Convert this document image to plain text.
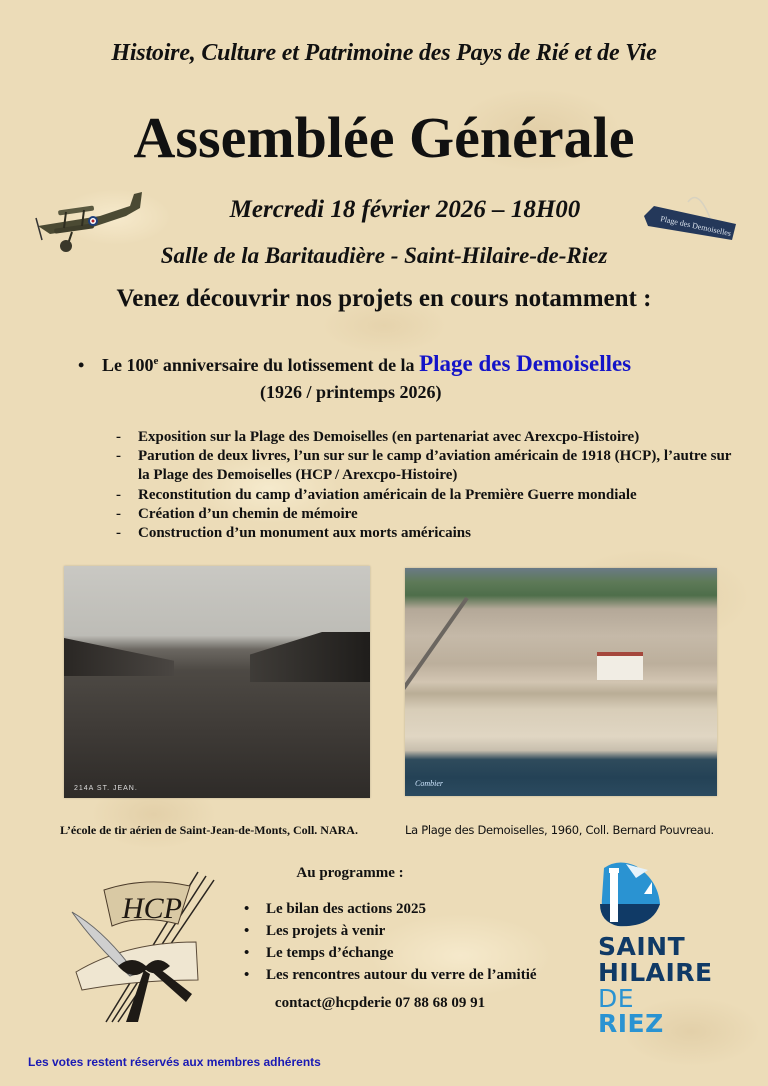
Histoire, Culture et Patrimoine des Pays de Rié et de Vie
Assemblée Générale
Mercredi 18 février 2026 – 18H00
Plage des Demoiselles
Salle de la Baritaudière - Saint-Hilaire-de-Riez
Venez découvrir nos projets en cours notamment :
• Le 100e anniversaire du lotissement de la Plage des Demoiselles
(1926 / printemps 2026)
- Exposition sur la Plage des Demoiselles (en partenariat avec Arexcpo-Histoire)
- Parution de deux livres, l’un sur sur le camp d’aviation américain de 1918 (HCP), l’autre sur la Plage des Demoiselles (HCP / Arexcpo-Histoire)
- Reconstitution du camp d’aviation américain de la Première Guerre mondiale
- Création d’un chemin de mémoire
- Construction d’un monument aux morts américains
214A ST. JEAN.
Combier
L’école de tir aérien de Saint-Jean-de-Monts, Coll. NARA.	La Plage des Demoiselles, 1960, Coll. Bernard Pouvreau.
HCP
Au programme :
• Le bilan des actions 2025
• Les projets à venir
• Le temps d’échange
• Les rencontres autour du verre de l’amitié
contact@hcpderie 07 88 68 09 91
SAINT
HILAIRE
DE RIEZ
Les votes restent réservés aux membres adhérents
